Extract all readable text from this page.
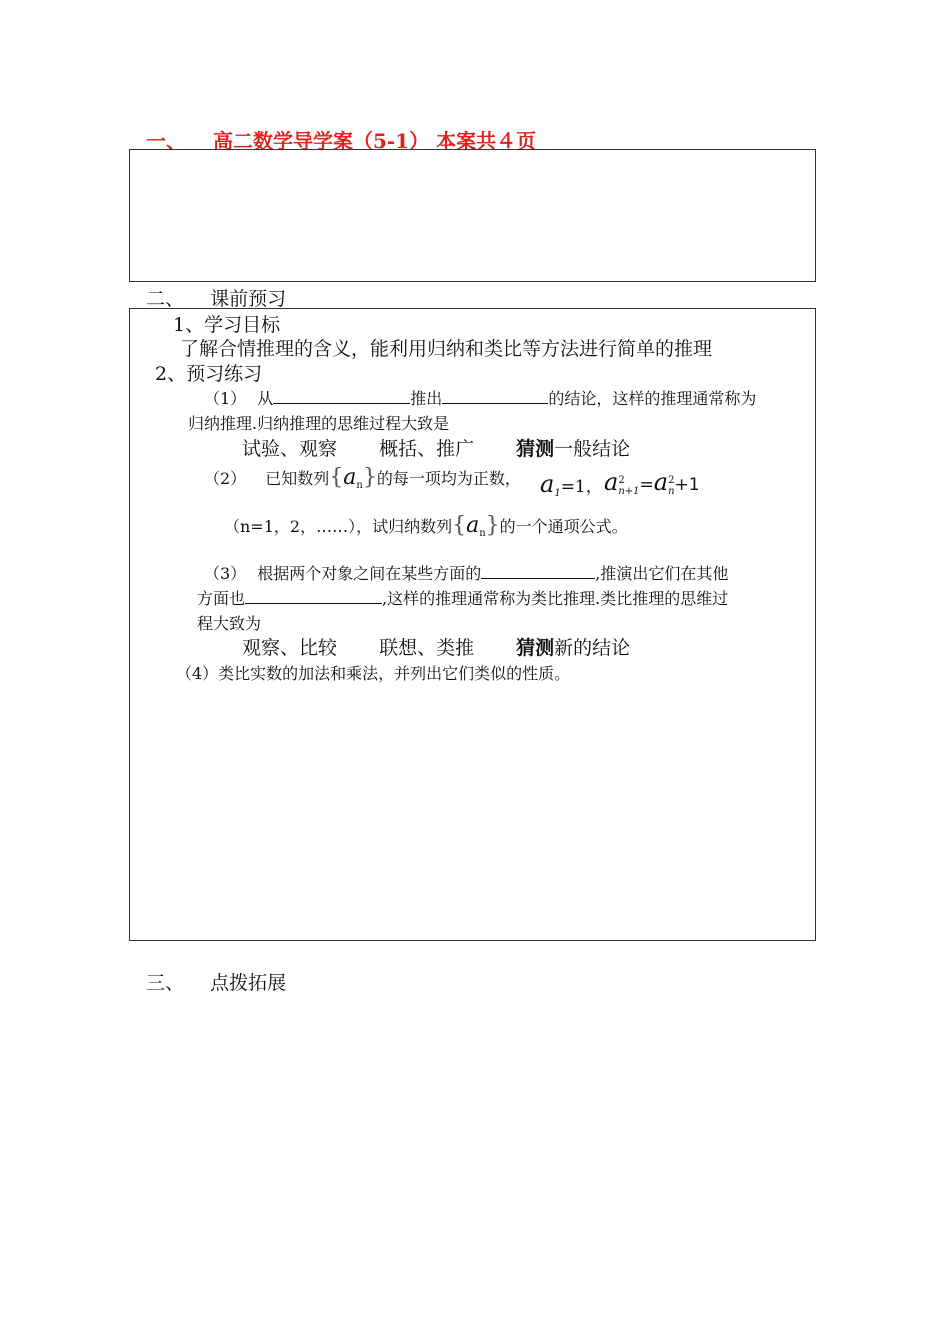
一、 高二数学导学案（5-1） 本案共４页
二、 课前预习
1、学习目标
了解合情推理的含义，能利用归纳和类比等方法进行简单的推理
2、预习练习
（1） 从	推出	的结论，这样的推理通常称为
归纳推理.归纳推理的思维过程大致是
试验、观察 概括、推广 猜测一般结论
（2） 已知数列$\{a_n\}$的每一项均为正数， $a_1=1$， a 2
n+1 =a 2
n +1
（n=1，2，……），试归纳数列$\{a_n\}$的一个通项公式。
（3） 根据两个对象之间在某些方面的	,推演出它们在其他
方面也	,这样的推理通常称为类比推理.类比推理的思维过
程大致为
观察、比较 联想、类推 猜测新的结论
（4）类比实数的加法和乘法，并列出它们类似的性质。
三、 点拨拓展
